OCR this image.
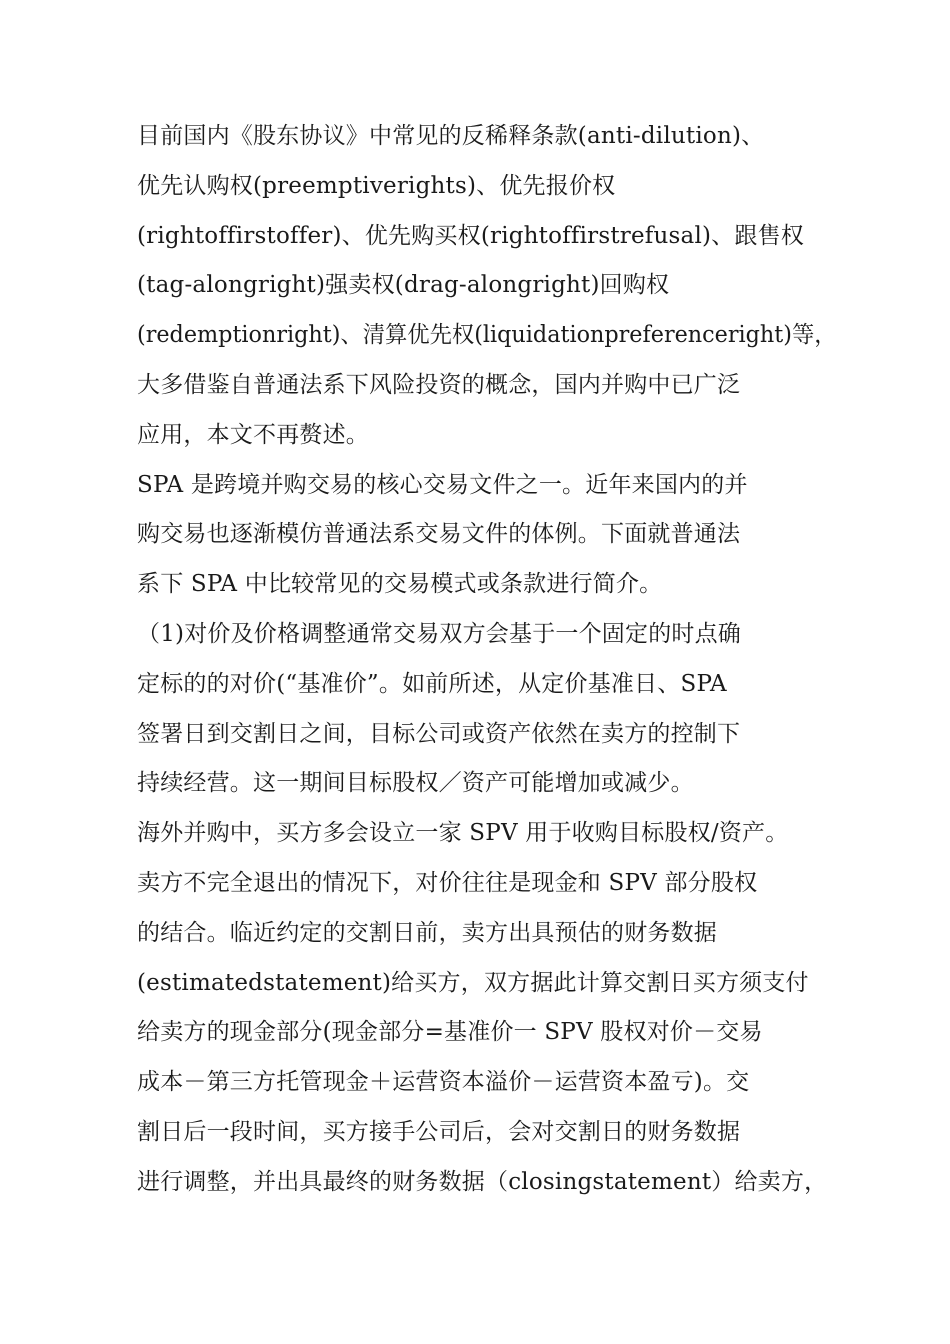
目前国内《股东协议》中常见的反稀释条款(anti-dilution)、
优先认购权(preemptiverights)、优先报价权
(rightoffirstoffer)、优先购买权(rightoffirstrefusal)、跟售权
(tag-alongright)强卖权(drag-alongright)回购权
(redemptionright)、清算优先权(liquidationpreferenceright)等，
大多借鉴自普通法系下风险投资的概念，国内并购中已广泛
应用，本文不再赘述。
SPA 是跨境并购交易的核心交易文件之一。近年来国内的并
购交易也逐渐模仿普通法系交易文件的体例。下面就普通法
系下 SPA 中比较常见的交易模式或条款进行简介。
（1)对价及价格调整通常交易双方会基于一个固定的时点确
定标的的对价(“基准价”。如前所述，从定价基准日、SPA
签署日到交割日之间，目标公司或资产依然在卖方的控制下
持续经营。这一期间目标股权／资产可能增加或减少。
海外并购中，买方多会设立一家 SPV 用于收购目标股权/资产。
卖方不完全退出的情况下，对价往往是现金和 SPV 部分股权
的结合。临近约定的交割日前，卖方出具预估的财务数据
(estimatedstatement)给买方，双方据此计算交割日买方须支付
给卖方的现金部分(现金部分=基准价一 SPV 股权对价－交易
成本－第三方托管现金＋运营资本溢价－运营资本盈亏)。交
割日后一段时间，买方接手公司后，会对交割日的财务数据
进行调整，并出具最终的财务数据（closingstatement）给卖方，
